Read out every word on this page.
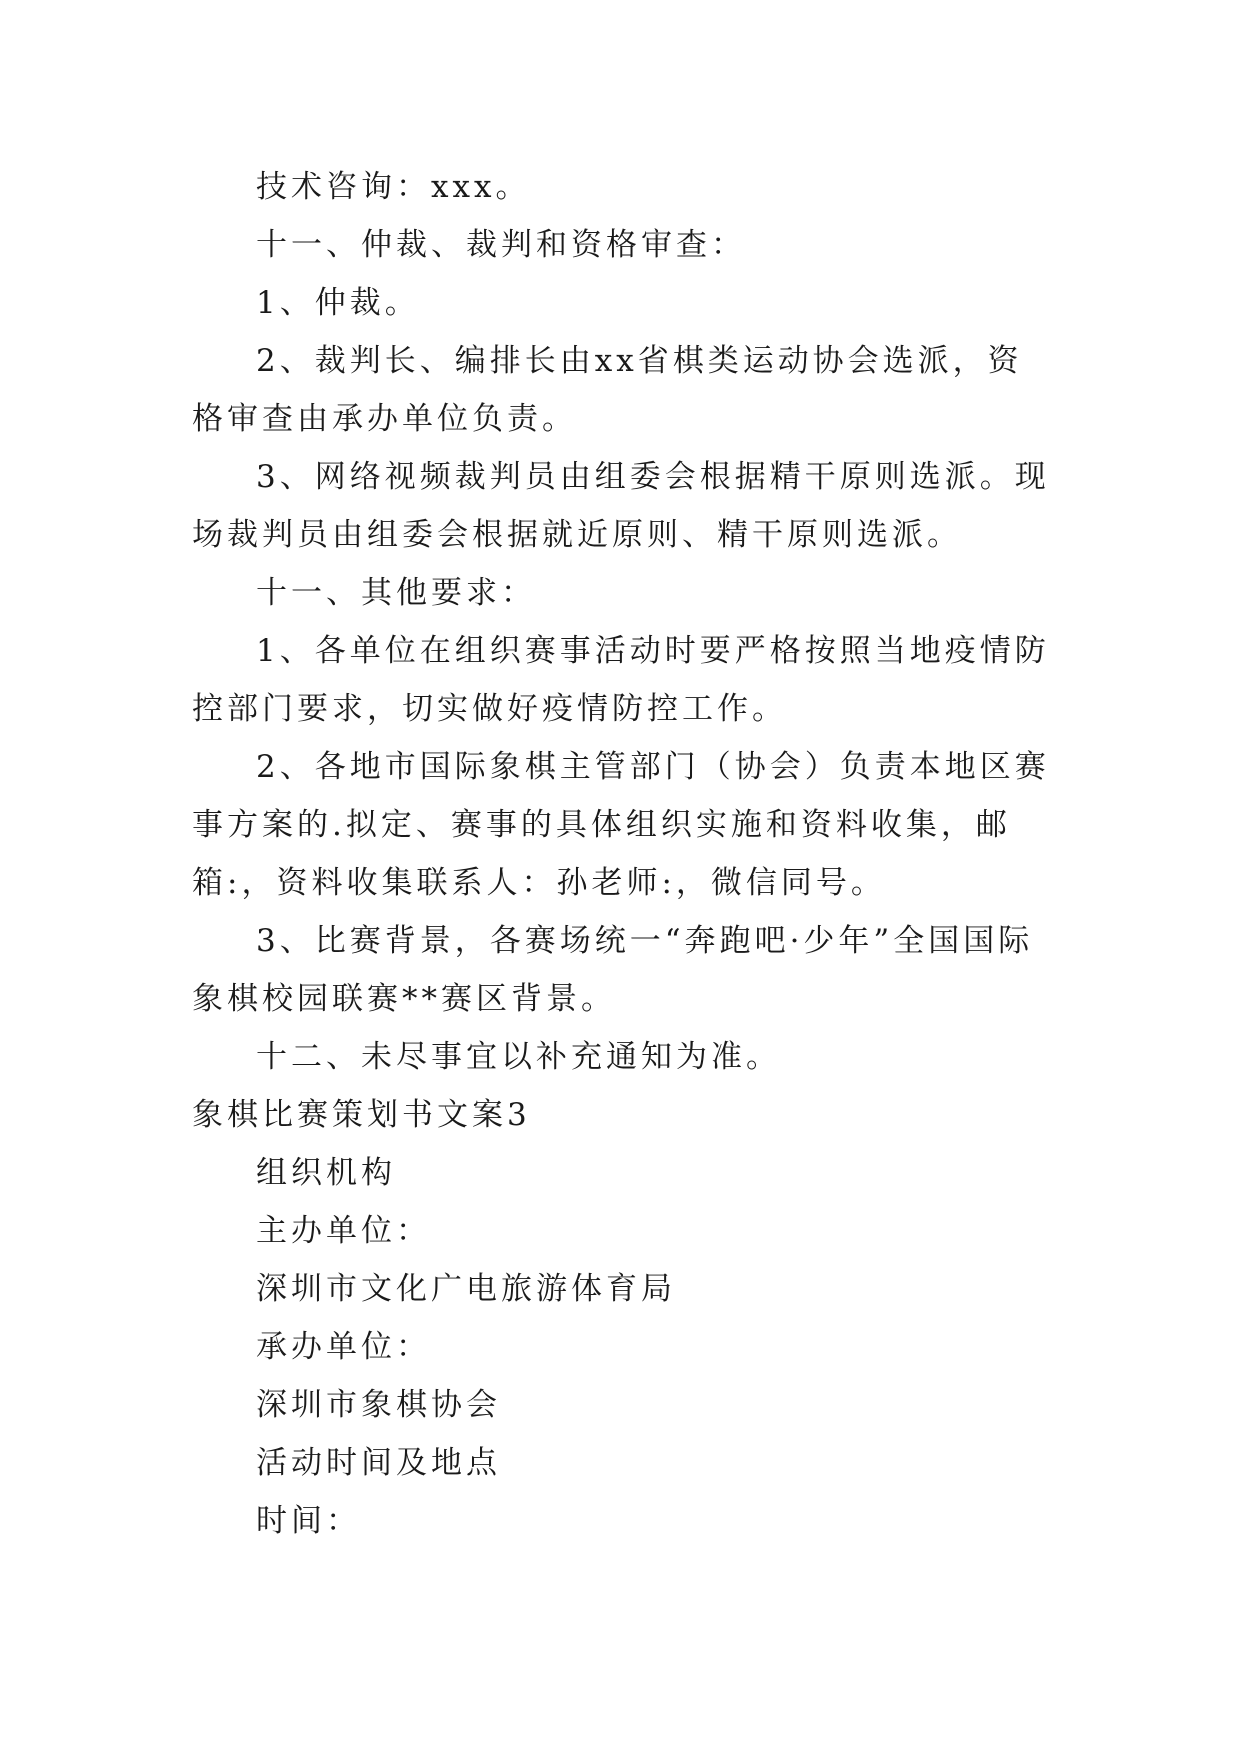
技术咨询：xxx。

十一、仲裁、裁判和资格审查：

1、仲裁。

2、裁判长、编排长由xx省棋类运动协会选派，资格审查由承办单位负责。

3、网络视频裁判员由组委会根据精干原则选派。现场裁判员由组委会根据就近原则、精干原则选派。

十一、其他要求：

1、各单位在组织赛事活动时要严格按照当地疫情防控部门要求，切实做好疫情防控工作。

2、各地市国际象棋主管部门（协会）负责本地区赛事方案的.拟定、赛事的具体组织实施和资料收集，邮箱:，资料收集联系人：孙老师:，微信同号。

3、比赛背景，各赛场统一“奔跑吧·少年”全国国际象棋校园联赛**赛区背景。

十二、未尽事宜以补充通知为准。

象棋比赛策划书文案3

组织机构

主办单位：

深圳市文化广电旅游体育局

承办单位：

深圳市象棋协会

活动时间及地点

时间：
